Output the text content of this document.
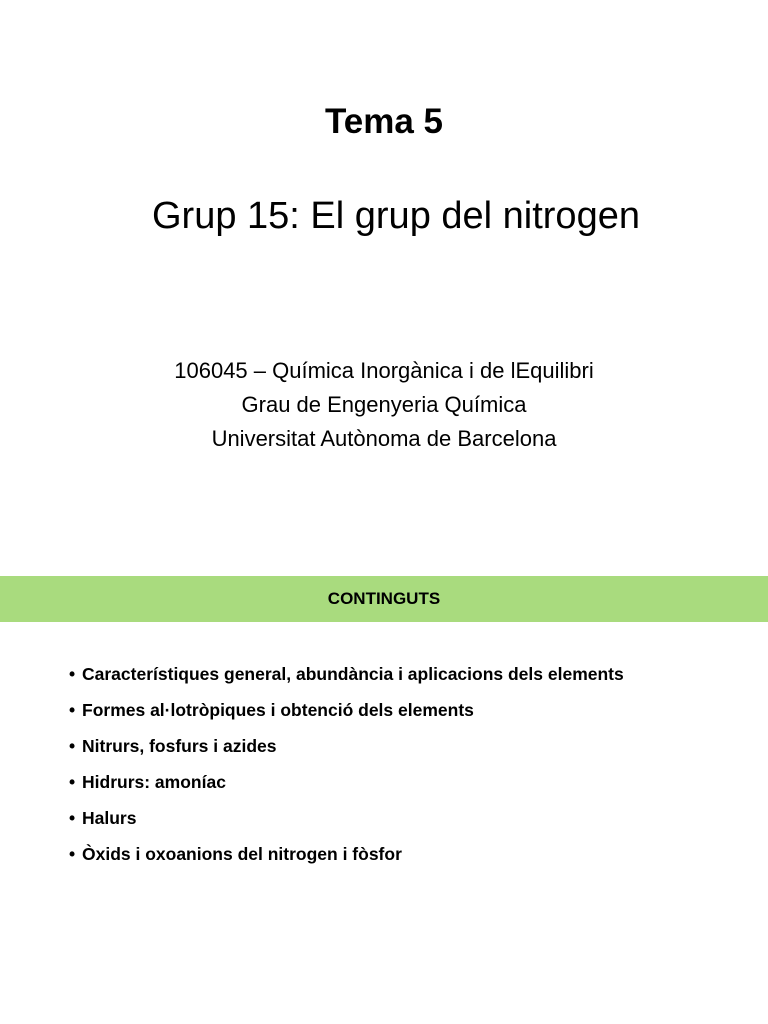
Tema 5
Grup 15: El grup del nitrogen
106045 – Química Inorgànica i de lEquilibri
Grau de Engenyeria Química
Universitat Autònoma de Barcelona
CONTINGUTS
• Característiques general, abundància i aplicacions dels elements
• Formes al·lotròpiques i obtenció dels elements
• Nitrurs, fosfurs i azides
• Hidrurs: amoníac
• Halurs
• Òxids i oxoanions del nitrogen i fòsfor
